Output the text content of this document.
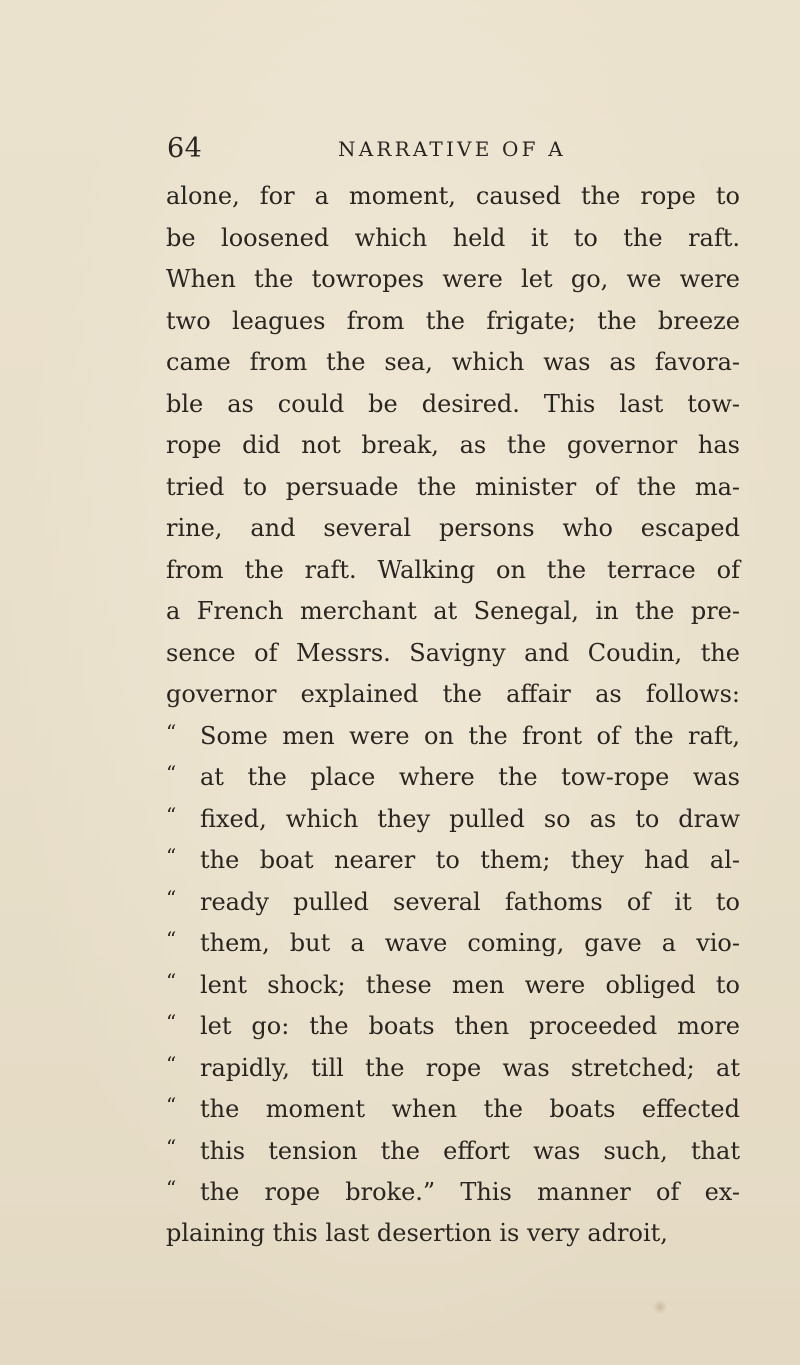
64	NARRATIVE OF A
alone, for a moment, caused the rope to
be loosened which held it to the raft.
When the towropes were let go, we were
two leagues from the frigate; the breeze
came from the sea, which was as favora-
ble as could be desired. This last tow-
rope did not break, as the governor has
tried to persuade the minister of the ma-
rine, and several persons who escaped
from the raft. Walking on the terrace of
a French merchant at Senegal, in the pre-
sence of Messrs. Savigny and Coudin, the
governor explained the affair as follows:
“ Some men were on the front of the raft,
“ at the place where the tow-rope was
“ fixed, which they pulled so as to draw
“ the boat nearer to them; they had al-
“ ready pulled several fathoms of it to
“ them, but a wave coming, gave a vio-
“ lent shock; these men were obliged to
“ let go: the boats then proceeded more
“ rapidly, till the rope was stretched; at
“ the moment when the boats effected
“ this tension the effort was such, that
“ the rope broke.” This manner of ex-
plaining this last desertion is very adroit,
